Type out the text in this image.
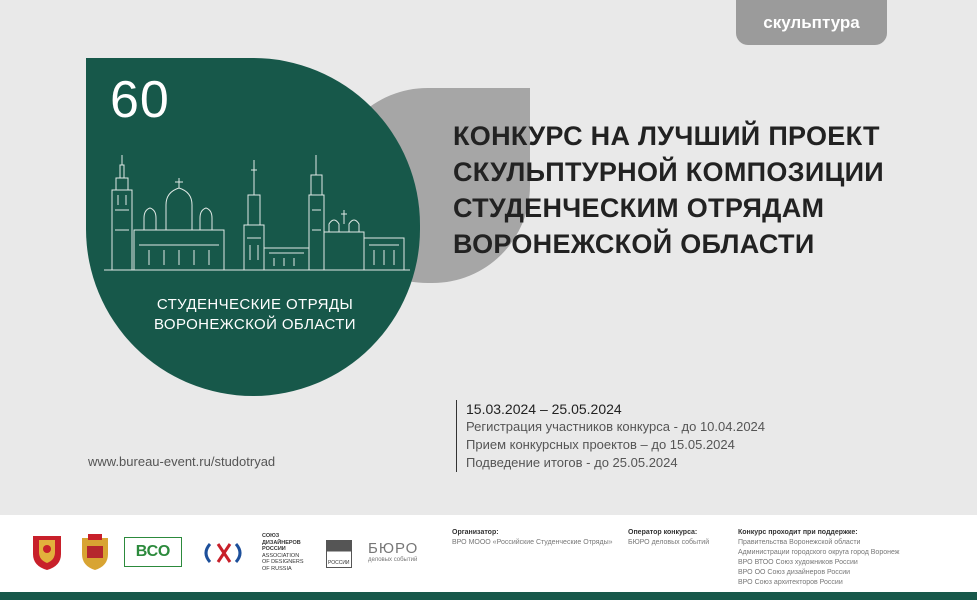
скульптура
60
СТУДЕНЧЕСКИЕ ОТРЯДЫ
ВОРОНЕЖСКОЙ ОБЛАСТИ
КОНКУРС НА ЛУЧШИЙ ПРОЕКТ
СКУЛЬПТУРНОЙ КОМПОЗИЦИИ
СТУДЕНЧЕСКИМ ОТРЯДАМ
ВОРОНЕЖСКОЙ ОБЛАСТИ
www.bureau-event.ru/studotryad
15.03.2024 – 25.05.2024
Регистрация участников конкурса - до 10.04.2024
Прием конкурсных проектов – до 15.05.2024
Подведение итогов - до 25.05.2024
ВСО
СОЮЗ
ДИЗАЙНЕРОВ
РОССИИ
ASSOCIATION
OF DESIGNERS
OF RUSSIA
РОССИИ
БЮРО
деловых событий
Организатор:
ВРО МООО «Российские Студенческие Отряды»
Оператор конкурса:
БЮРО деловых событий
Конкурс проходит при поддержке:
Правительства Воронежской области
Администрации городского округа город Воронеж
ВРО ВТОО Союз художников России
ВРО ОО Союз дизайнеров России
ВРО Союз архитекторов России
